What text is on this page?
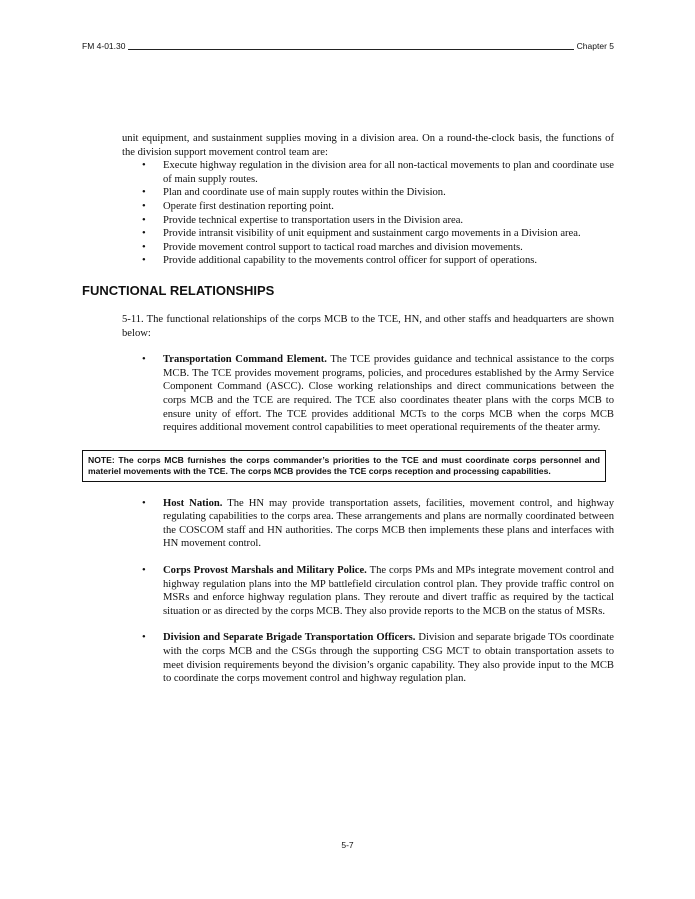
FM 4-01.30	Chapter 5

unit equipment, and sustainment supplies moving in a division area. On a round-the-clock basis, the functions of the division support movement control team are:

• Execute highway regulation in the division area for all non-tactical movements to plan and coordinate use of main supply routes.

• Plan and coordinate use of main supply routes within the Division.

• Operate first destination reporting point.

• Provide technical expertise to transportation users in the Division area.

• Provide intransit visibility of unit equipment and sustainment cargo movements in a Division area.

• Provide movement control support to tactical road marches and division movements.

• Provide additional capability to the movements control officer for support of operations.

FUNCTIONAL RELATIONSHIPS

5-11. The functional relationships of the corps MCB to the TCE, HN, and other staffs and headquarters are shown below:

• Transportation Command Element. The TCE provides guidance and technical assistance to the corps MCB. The TCE provides movement programs, policies, and procedures established by the Army Service Component Command (ASCC). Close working relationships and direct communications between the corps MCB and the TCE are required. The TCE also coordinates theater plans with the corps MCB to ensure unity of effort. The TCE provides additional MCTs to the corps MCB when the corps MCB requires additional movement control capabilities to meet operational requirements of the theater army.

NOTE: The corps MCB furnishes the corps commander’s priorities to the TCE and must coordinate corps personnel and materiel movements with the TCE. The corps MCB provides the TCE corps reception and processing capabilities.
• Host Nation. The HN may provide transportation assets, facilities, movement control, and highway regulating capabilities to the corps area. These arrangements and plans are normally coordinated between the COSCOM staff and HN authorities. The corps MCB then implements these plans and interfaces with HN movement control.

• Corps Provost Marshals and Military Police. The corps PMs and MPs integrate movement control and highway regulation plans into the MP battlefield circulation control plan. They provide traffic control on MSRs and enforce highway regulation plans. They reroute and divert traffic as required by the tactical situation or as directed by the corps MCB. They also provide reports to the MCB on the status of MSRs.

• Division and Separate Brigade Transportation Officers. Division and separate brigade TOs coordinate with the corps MCB and the CSGs through the supporting CSG MCT to obtain transportation assets to meet division requirements beyond the division’s organic capability. They also provide input to the MCB to coordinate the corps movement control and highway regulation plan.

5-7
